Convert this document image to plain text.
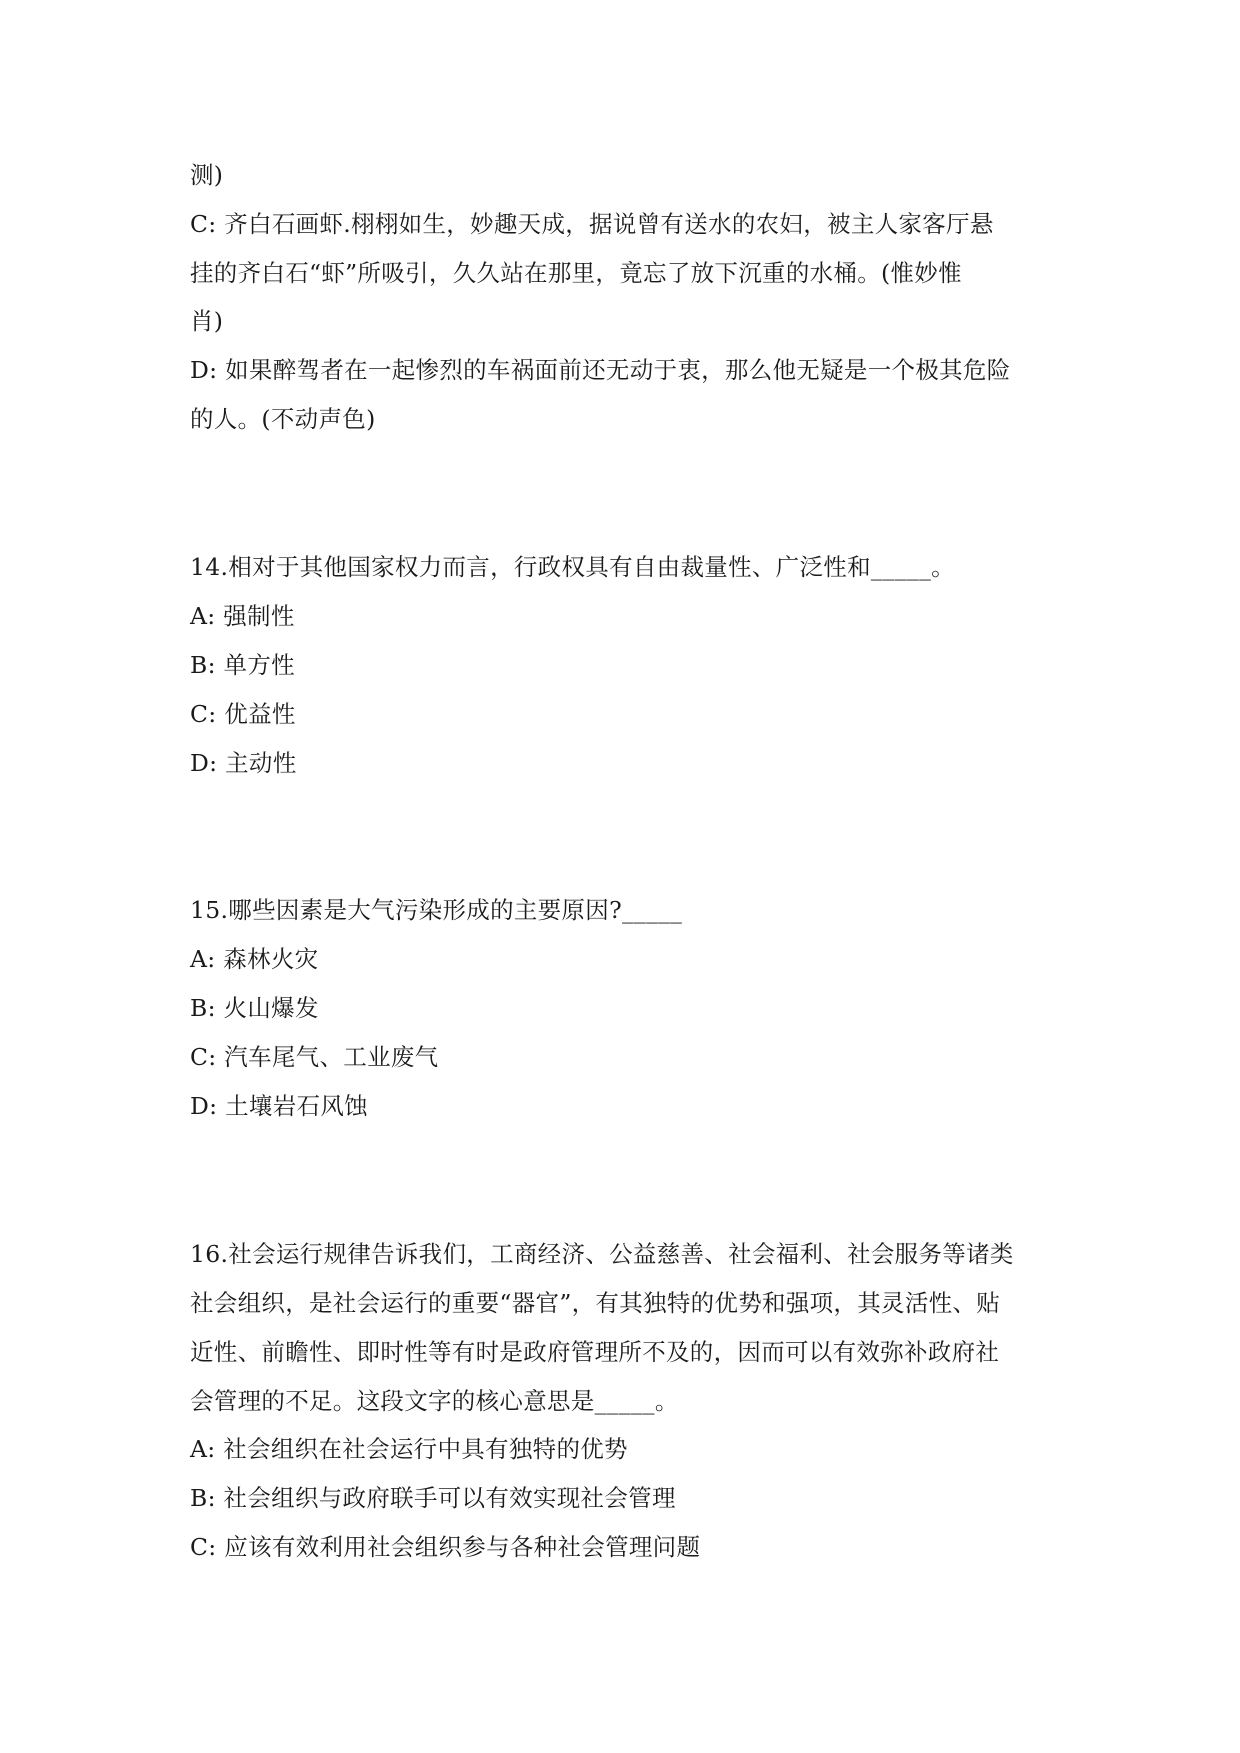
测)
C: 齐白石画虾.栩栩如生，妙趣天成，据说曾有送水的农妇，被主人家客厅悬
挂的齐白石“虾”所吸引，久久站在那里，竟忘了放下沉重的水桶。(惟妙惟
肖)
D: 如果醉驾者在一起惨烈的车祸面前还无动于衷，那么他无疑是一个极其危险
的人。(不动声色)
14.相对于其他国家权力而言，行政权具有自由裁量性、广泛性和_____。
A: 强制性
B: 单方性
C: 优益性
D: 主动性
15.哪些因素是大气污染形成的主要原因?_____
A: 森林火灾
B: 火山爆发
C: 汽车尾气、工业废气
D: 土壤岩石风蚀
16.社会运行规律告诉我们，工商经济、公益慈善、社会福利、社会服务等诸类
社会组织，是社会运行的重要“器官”，有其独特的优势和强项，其灵活性、贴
近性、前瞻性、即时性等有时是政府管理所不及的，因而可以有效弥补政府社
会管理的不足。这段文字的核心意思是_____。
A: 社会组织在社会运行中具有独特的优势
B: 社会组织与政府联手可以有效实现社会管理
C: 应该有效利用社会组织参与各种社会管理问题
